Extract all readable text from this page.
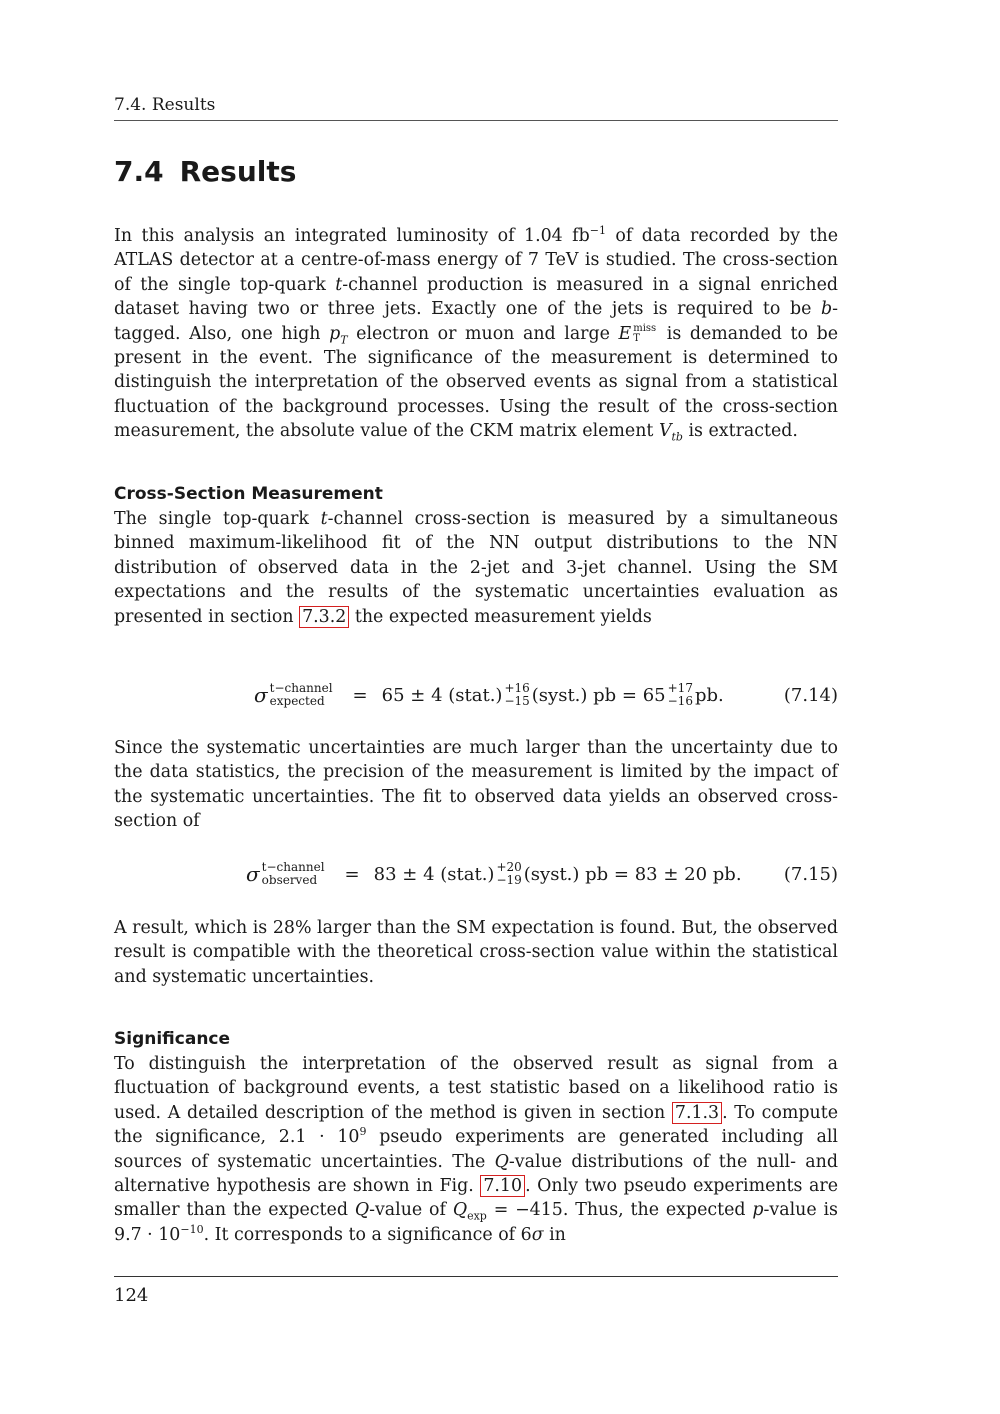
7.4. Results
7.4 Results

In this analysis an integrated luminosity of 1.04 $fb^{-1}$ of data recorded by the ATLAS detector at a centre-of-mass energy of 7 TeV is studied. The cross-section of the single top-quark t-channel production is measured in a signal enriched dataset having two or three jets. Exactly one of the jets is required to be b-tagged. Also, one high $p_T$ electron or muon and large E miss
T	is demanded to be present in the event. The significance of the measurement is determined to distinguish the interpretation of the observed events as signal from a statistical fluctuation of the background processes. Using the result of the cross-section measurement, the absolute value of the CKM matrix element $V_{tb}$ is extracted.

Cross-Section Measurement

The single top-quark t-channel cross-section is measured by a simultaneous binned maximum-likelihood fit of the NN output distributions to the NN distribution of observed data in the 2-jet and 3-jet channel. Using the SM expectations and the results of the systematic uncertainties evaluation as presented in section 7.3.2 the expected measurement yields

σ t−channel
expected	= 65 ± 4 (stat.) +16
−15 (syst.) pb = 65 +17
−16 pb.	(7.14)

Since the systematic uncertainties are much larger than the uncertainty due to the data statistics, the precision of the measurement is limited by the impact of the systematic uncertainties. The fit to observed data yields an observed cross-section of

σ t−channel
observed	= 83 ± 4 (stat.) +20
−19 (syst.) pb = 83 ± 20 pb. (7.15)

A result, which is 28% larger than the SM expectation is found. But, the observed result is compatible with the theoretical cross-section value within the statistical and systematic uncertainties.

Significance

To distinguish the interpretation of the observed result as signal from a fluctuation of background events, a test statistic based on a likelihood ratio is used. A detailed description of the method is given in section 7.1.3 . To compute the significance, $2.1 \cdot 10^9$ pseudo experiments are generated including all sources of systematic uncertainties. The Q-value distributions of the null- and alternative hypothesis are shown in Fig. 7.10 . Only two pseudo experiments are smaller than the expected Q-value of $Q_{exp} = -415$. Thus, the expected p-value is $9.7 \cdot 10^{-10}$. It corresponds to a significance of 6σ in

124
